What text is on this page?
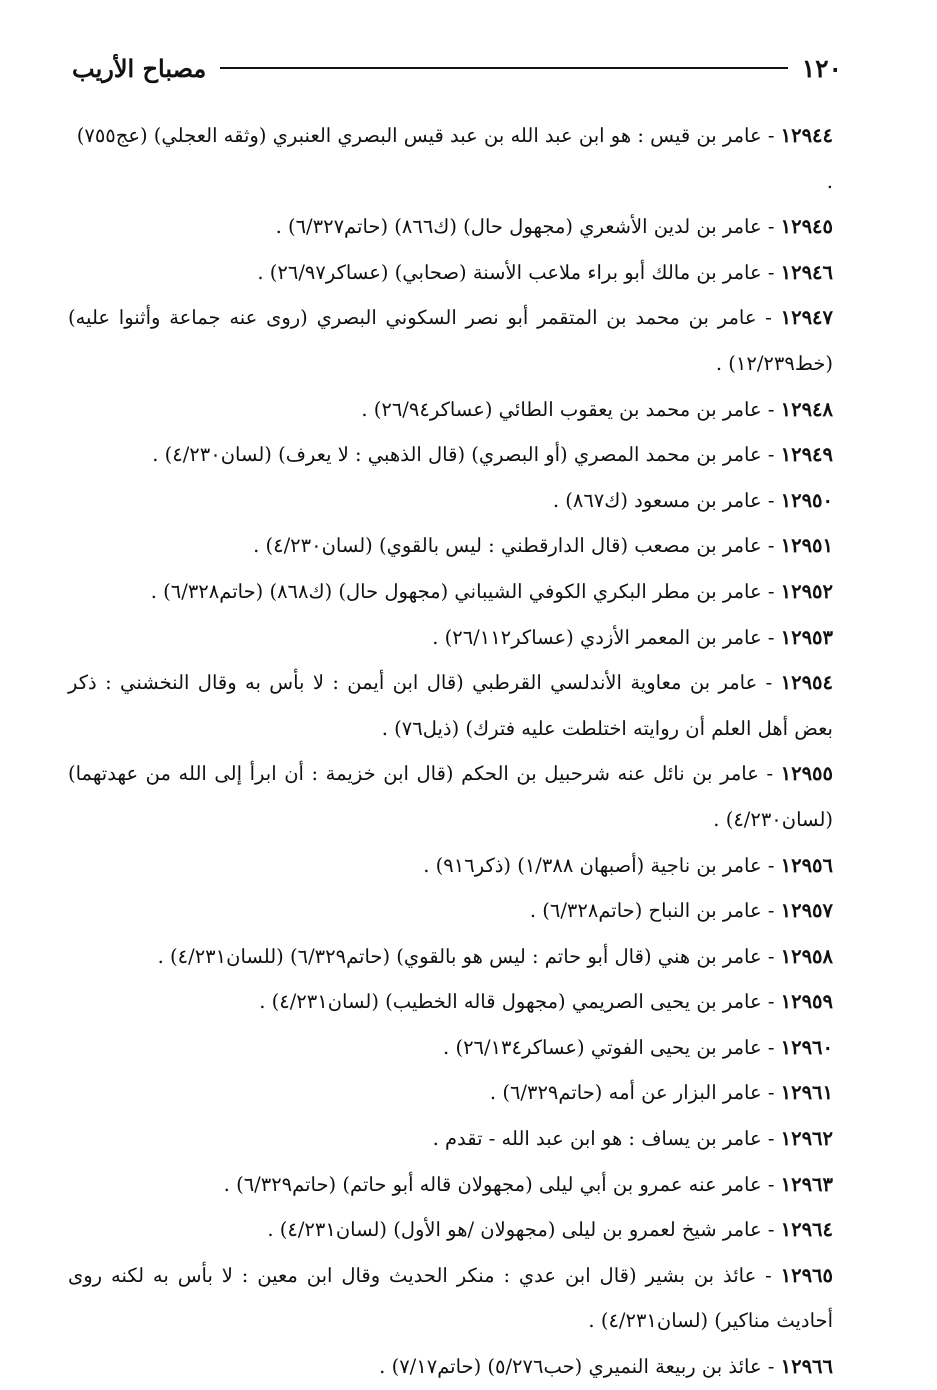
١٢٠
مصباح الأريب

١٢٩٤٤ - عامر بن قيس : هو ابن عبد الله بن عبد قيس البصري العنبري (وثقه العجلي) (عج٧٥٥) .

١٢٩٤٥ - عامر بن لدين الأشعري (مجهول حال) (ك٨٦٦) (حاتم٦/٣٢٧) .

١٢٩٤٦ - عامر بن مالك أبو براء ملاعب الأسنة (صحابي) (عساكر٢٦/٩٧) .

١٢٩٤٧ - عامر بن محمد بن المتقمر أبو نصر السكوني البصري (روى عنه جماعة وأثنوا عليه) (خط١٢/٢٣٩) .

١٢٩٤٨ - عامر بن محمد بن يعقوب الطائي (عساكر٢٦/٩٤) .

١٢٩٤٩ - عامر بن محمد المصري (أو البصري) (قال الذهبي : لا يعرف) (لسان٤/٢٣٠) .

١٢٩٥٠ - عامر بن مسعود (ك٨٦٧) .

١٢٩٥١ - عامر بن مصعب (قال الدارقطني : ليس بالقوي) (لسان٤/٢٣٠) .

١٢٩٥٢ - عامر بن مطر البكري الكوفي الشيباني (مجهول حال) (ك٨٦٨) (حاتم٦/٣٢٨) .

١٢٩٥٣ - عامر بن المعمر الأزدي (عساكر٢٦/١١٢) .

١٢٩٥٤ - عامر بن معاوية الأندلسي القرطبي (قال ابن أيمن : لا بأس به وقال النخشني : ذكر بعض أهل العلم أن روايته اختلطت عليه فترك) (ذيل٧٦) .

١٢٩٥٥ - عامر بن نائل عنه شرحبيل بن الحكم (قال ابن خزيمة : أن ابرأ إلى الله من عهدتهما) (لسان٤/٢٣٠) .

١٢٩٥٦ - عامر بن ناجية (أصبهان ١/٣٨٨) (ذكر٩١٦) .

١٢٩٥٧ - عامر بن النباح (حاتم٦/٣٢٨) .

١٢٩٥٨ - عامر بن هني (قال أبو حاتم : ليس هو بالقوي) (حاتم٦/٣٢٩) (للسان٤/٢٣١) .

١٢٩٥٩ - عامر بن يحيى الصريمي (مجهول قاله الخطيب) (لسان٤/٢٣١) .

١٢٩٦٠ - عامر بن يحيى الفوتي (عساكر٢٦/١٣٤) .

١٢٩٦١ - عامر البزار عن أمه (حاتم٦/٣٢٩) .

١٢٩٦٢ - عامر بن يساف : هو ابن عبد الله - تقدم .

١٢٩٦٣ - عامر عنه عمرو بن أبي ليلى (مجهولان قاله أبو حاتم) (حاتم٦/٣٢٩) .

١٢٩٦٤ - عامر شيخ لعمرو بن ليلى (مجهولان /هو الأول) (لسان٤/٢٣١) .

١٢٩٦٥ - عائذ بن بشير (قال ابن عدي : منكر الحديث وقال ابن معين : لا بأس به لكنه روى أحاديث مناكير) (لسان٤/٢٣١) .

١٢٩٦٦ - عائذ بن ربيعة النميري (حب٥/٢٧٦) (حاتم٧/١٧) .
